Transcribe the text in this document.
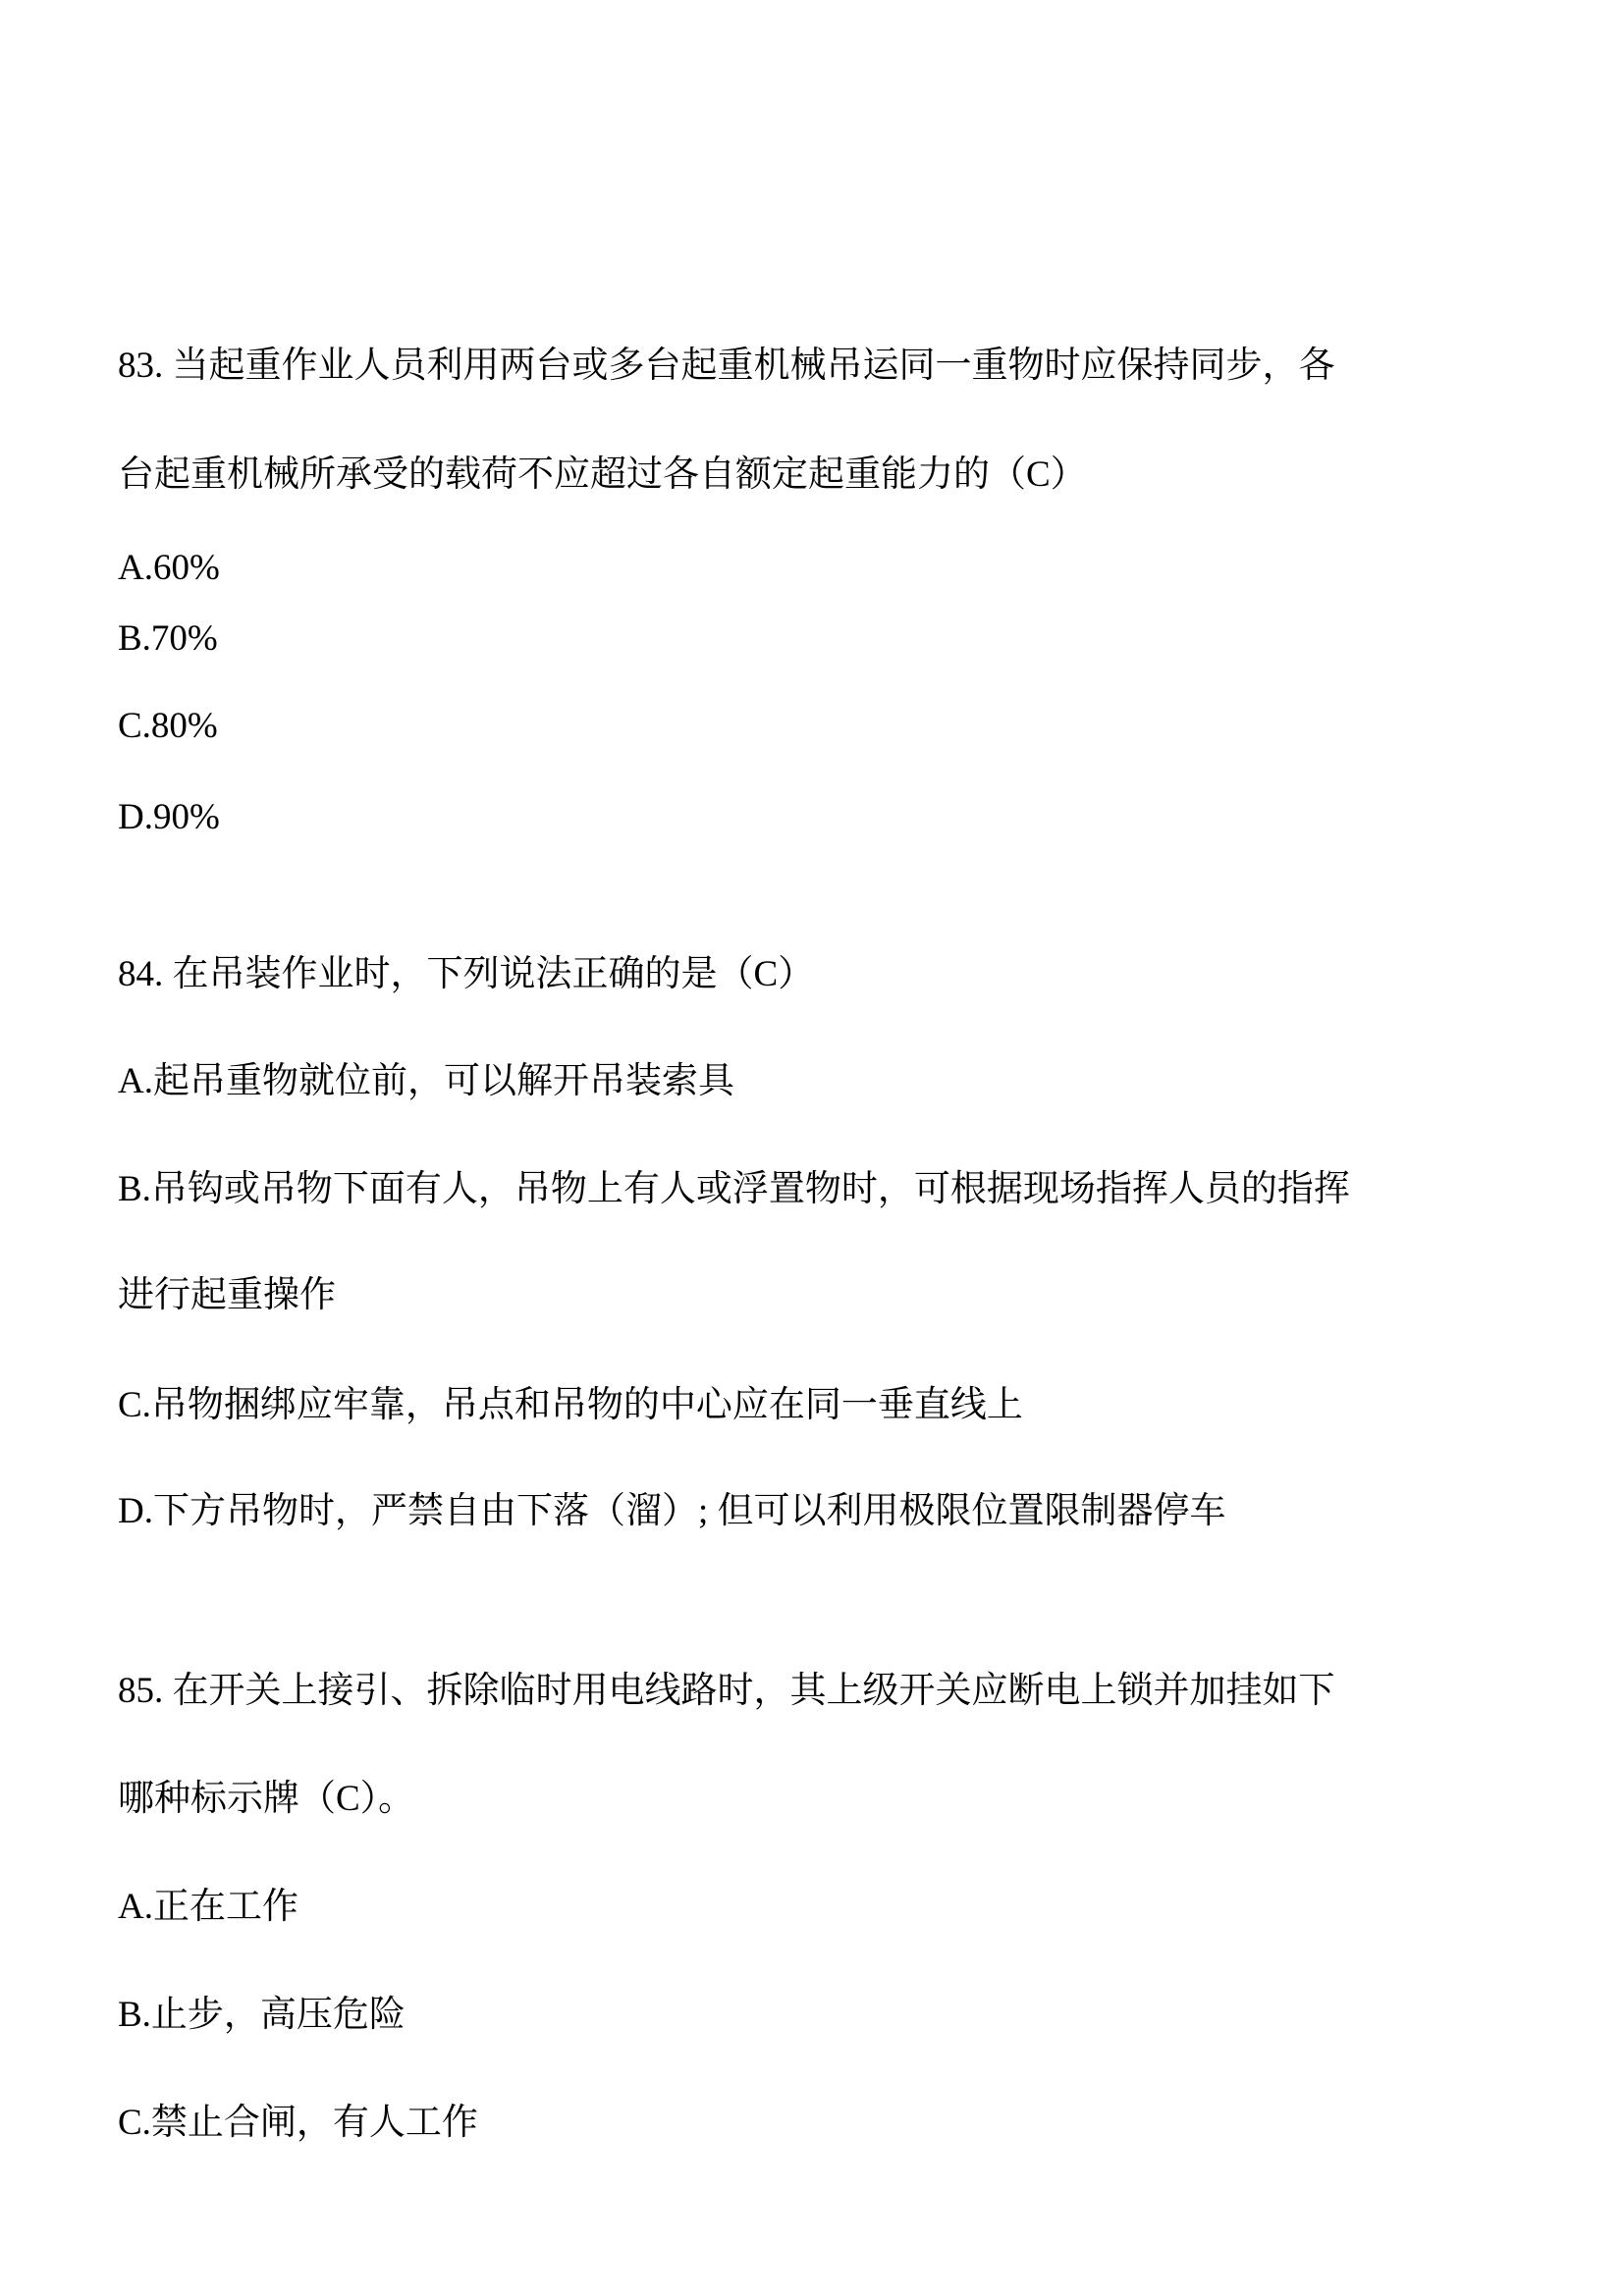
83. 当起重作业人员利用两台或多台起重机械吊运同一重物时应保持同步，各
台起重机械所承受的载荷不应超过各自额定起重能力的（C）
A.60%
B.70%
C.80%
D.90%
84. 在吊装作业时，下列说法正确的是（C）
A.起吊重物就位前，可以解开吊装索具
B.吊钩或吊物下面有人，吊物上有人或浮置物时，可根据现场指挥人员的指挥
进行起重操作
C.吊物捆绑应牢靠，吊点和吊物的中心应在同一垂直线上
D.下方吊物时，严禁自由下落（溜）; 但可以利用极限位置限制器停车
85. 在开关上接引、拆除临时用电线路时，其上级开关应断电上锁并加挂如下
哪种标示牌（C）。
A.正在工作
B.止步，高压危险
C.禁止合闸，有人工作
